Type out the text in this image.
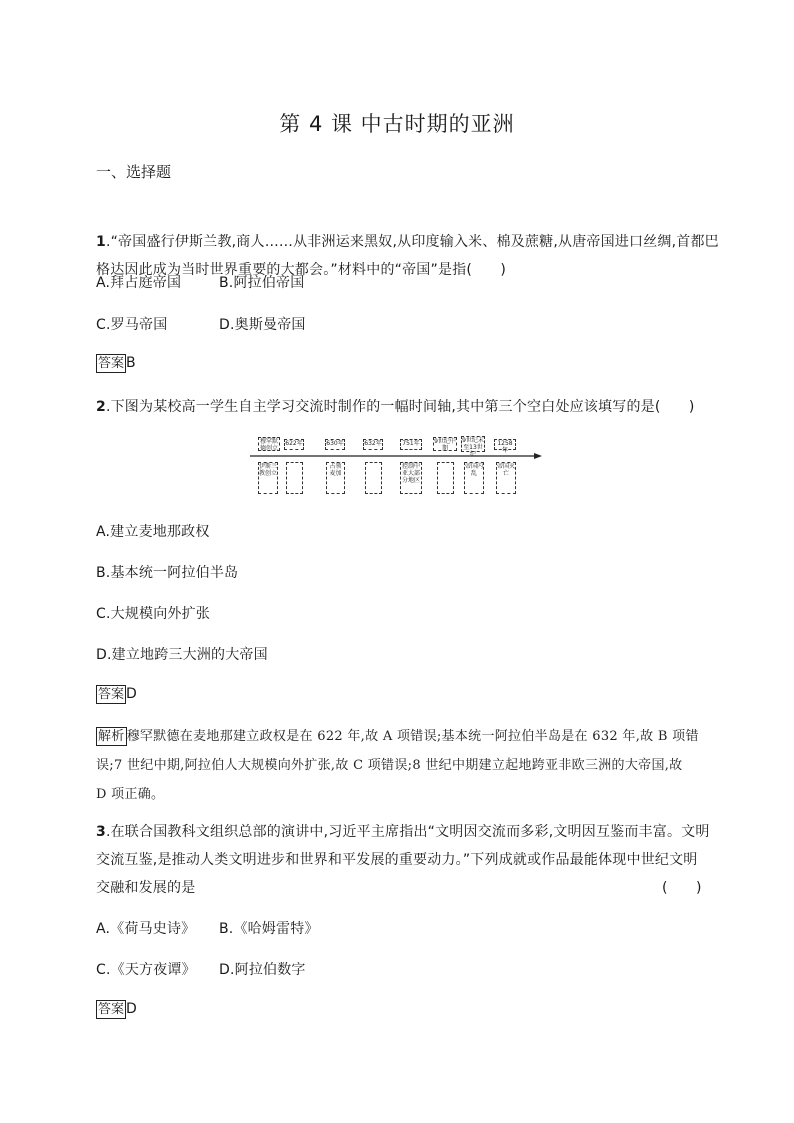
第 4 课 中古时期的亚洲
一、选择题
1.“帝国盛行伊斯兰教,商人……从非洲运来黑奴,从印度输入米、棉及蔗糖,从唐帝国进口丝绸,首都巴
格达因此成为当时世界重要的大都会。”材料中的“帝国”是指(　　)
A.拜占庭帝国	B.阿拉伯帝国
C.罗马帝国	D.奥斯曼帝国
答案 B
2.下图为某校高一学生自主学习交流时制作的一幅时间轴,其中第三个空白处应该填写的是(　　)
穆罕默德创立
622年	630年	632年	751年	9世纪中期
9世纪末至13世纪
1258年
伊斯兰教创立
占领麦加
控制中亚大部分地区
帝国内乱
帝国灭亡
A.建立麦地那政权
B.基本统一阿拉伯半岛
C.大规模向外扩张
D.建立地跨三大洲的大帝国
答案 D
解析 穆罕默德在麦地那建立政权是在 622 年,故 A 项错误;基本统一阿拉伯半岛是在 632 年,故 B 项错
误;7 世纪中期,阿拉伯人大规模向外扩张,故 C 项错误;8 世纪中期建立起地跨亚非欧三洲的大帝国,故
D 项正确。
3.在联合国教科文组织总部的演讲中,习近平主席指出“文明因交流而多彩,文明因互鉴而丰富。文明
交流互鉴,是推动人类文明进步和世界和平发展的重要动力。”下列成就或作品最能体现中世纪文明
交融和发展的是	(　　)
A.《荷马史诗》 B.《哈姆雷特》
C.《天方夜谭》 D.阿拉伯数字
答案 D
